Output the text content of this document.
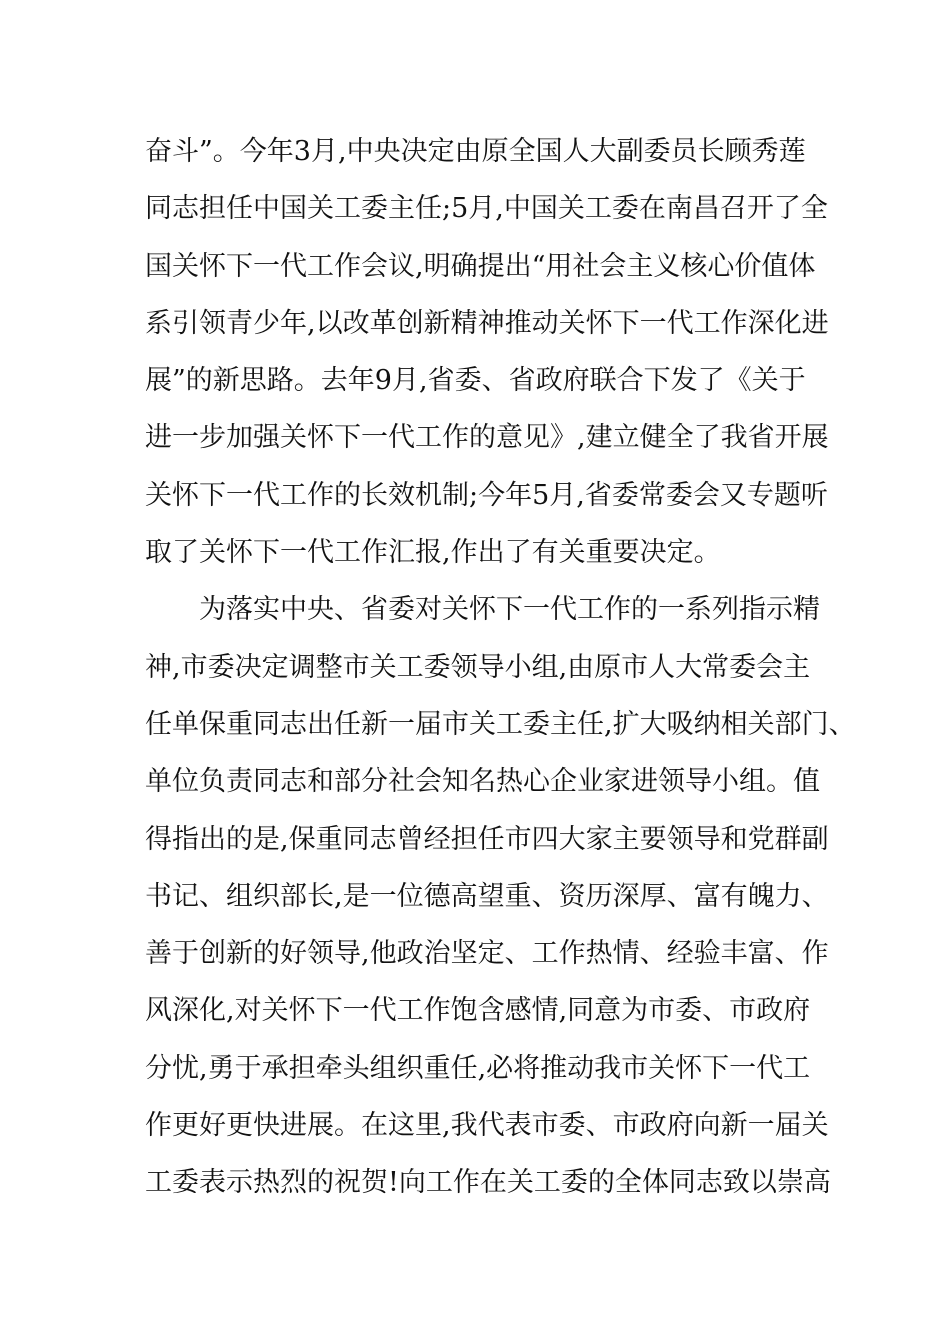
奋斗”。今年3月,中央决定由原全国人大副委员长顾秀莲
同志担任中国关工委主任;5月,中国关工委在南昌召开了全
国关怀下一代工作会议,明确提出“用社会主义核心价值体
系引领青少年,以改革创新精神推动关怀下一代工作深化进
展”的新思路。去年9月,省委、省政府联合下发了《关于
进一步加强关怀下一代工作的意见》,建立健全了我省开展
关怀下一代工作的长效机制;今年5月,省委常委会又专题听
取了关怀下一代工作汇报,作出了有关重要决定。
为落实中央、省委对关怀下一代工作的一系列指示精
神,市委决定调整市关工委领导小组,由原市人大常委会主
任单保重同志出任新一届市关工委主任,扩大吸纳相关部门、
单位负责同志和部分社会知名热心企业家进领导小组。值
得指出的是,保重同志曾经担任市四大家主要领导和党群副
书记、组织部长,是一位德高望重、资历深厚、富有魄力、
善于创新的好领导,他政治坚定、工作热情、经验丰富、作
风深化,对关怀下一代工作饱含感情,同意为市委、市政府
分忧,勇于承担牵头组织重任,必将推动我市关怀下一代工
作更好更快进展。在这里,我代表市委、市政府向新一届关
工委表示热烈的祝贺!向工作在关工委的全体同志致以崇高
